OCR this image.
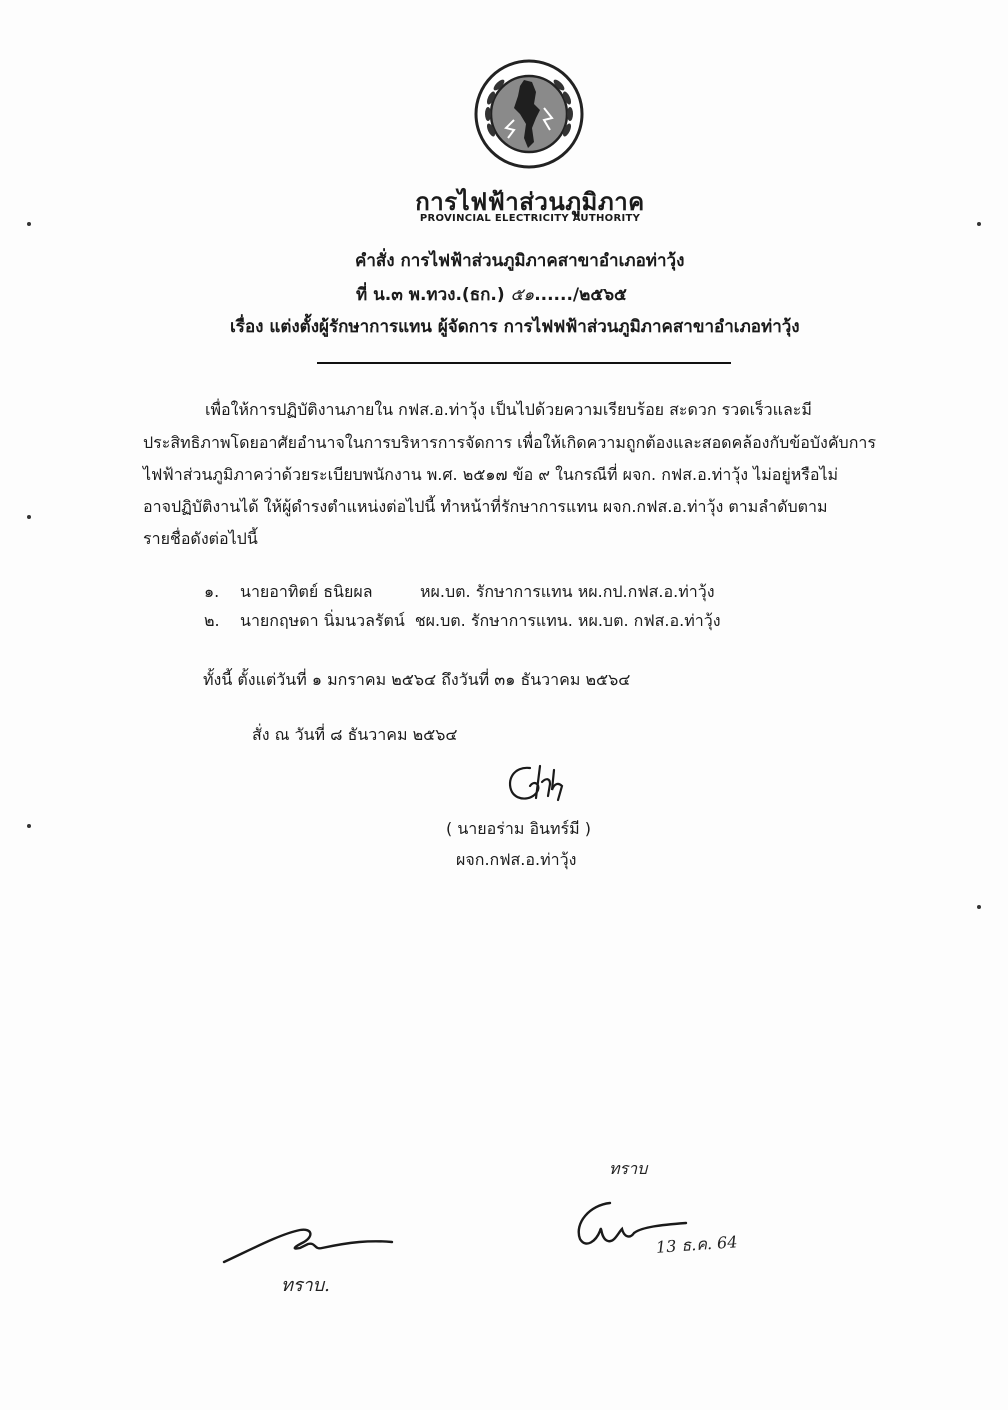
การไฟฟ้าส่วนภูมิภาค
PROVINCIAL ELECTRICITY AUTHORITY
คำสั่ง การไฟฟ้าส่วนภูมิภาคสาขาอำเภอท่าวุ้ง
ที่ น.๓ พ.ทวง.(ธก.) ๕๑....../๒๕๖๕
เรื่อง แต่งตั้งผู้รักษาการแทน ผู้จัดการ การไฟฟฟ้าส่วนภูมิภาคสาขาอำเภอท่าวุ้ง
เพื่อให้การปฏิบัติงานภายใน กฟส.อ.ท่าวุ้ง เป็นไปด้วยความเรียบร้อย สะดวก รวดเร็วและมี
ประสิทธิภาพโดยอาศัยอำนาจในการบริหารการจัดการ เพื่อให้เกิดความถูกต้องและสอดคล้องกับข้อบังคับการ
ไฟฟ้าส่วนภูมิภาคว่าด้วยระเบียบพนักงาน พ.ศ. ๒๕๑๗ ข้อ ๙ ในกรณีที่ ผจก. กฟส.อ.ท่าวุ้ง ไม่อยู่หรือไม่
อาจปฏิบัติงานได้ ให้ผู้ดำรงตำแหน่งต่อไปนี้ ทำหน้าที่รักษาการแทน ผจก.กฟส.อ.ท่าวุ้ง ตามลำดับตาม
รายชื่อดังต่อไปนี้
๑. นายอาทิตย์ ธนิยผล	หผ.บต. รักษาการแทน หผ.กป.กฟส.อ.ท่าวุ้ง
๒. นายกฤษดา นิ่มนวลรัตน์ ชผ.บต. รักษาการแทน. หผ.บต. กฟส.อ.ท่าวุ้ง
ทั้งนี้ ตั้งแต่วันที่ ๑ มกราคม ๒๕๖๔ ถึงวันที่ ๓๑ ธันวาคม ๒๕๖๔
สั่ง ณ วันที่ ๘ ธันวาคม ๒๕๖๔
( นายอร่าม อินทร์มี )
ผจก.กฟส.อ.ท่าวุ้ง
ทราบ
13 ธ.ค. 64
ทราบ.
